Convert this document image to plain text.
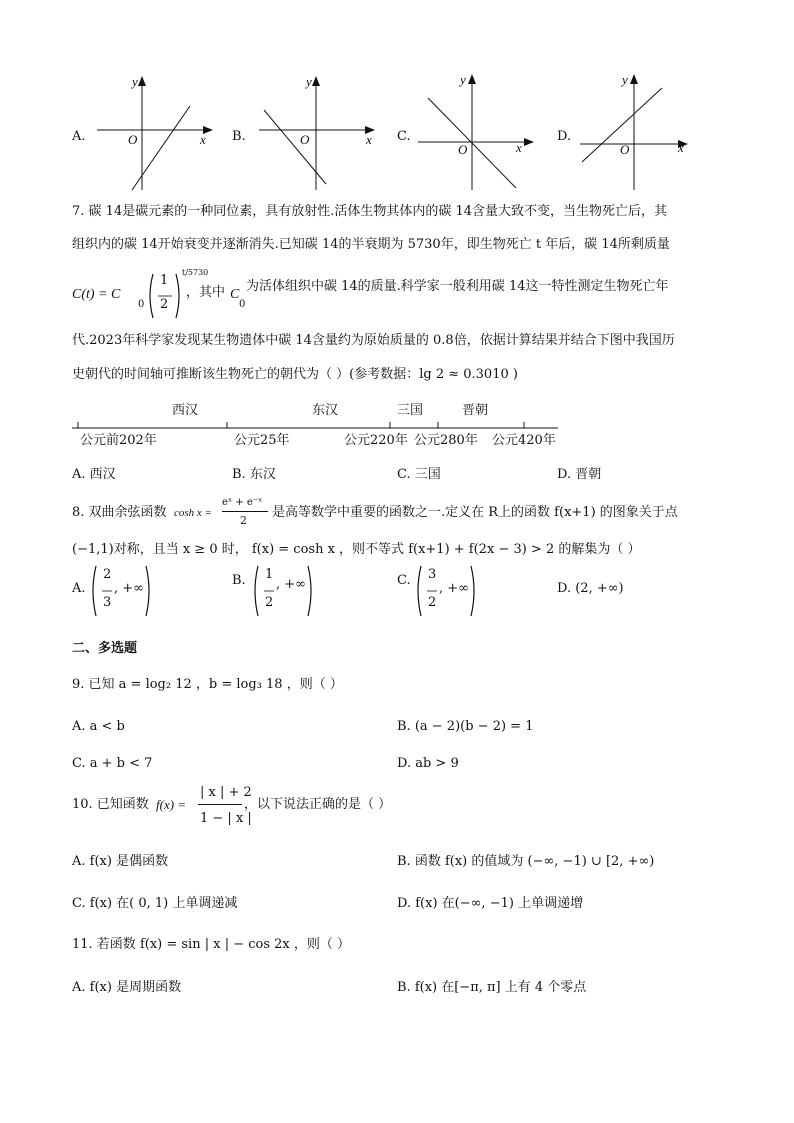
A.
y
x
O	B.
y
x
O	C.
y
x
O
D.
y
x
O
7. 碳 14是碳元素的一种同位素，具有放射性.活体生物其体内的碳 14含量大致不变，当生物死亡后，其
组织内的碳 14开始衰变并逐渐消失.已知碳 14的半衰期为 5730年，即生物死亡 t 年后，碳 14所剩质量
C(t) = C
0
1
2
t/5730
，其中 C
0
为活体组织中碳 14的质量.科学家一般利用碳 14这一特性测定生物死亡年
代.2023年科学家发现某生物遗体中碳 14含量约为原始质量的 0.8倍，依据计算结果并结合下图中我国历
史朝代的时间轴可推断该生物死亡的朝代为（ ）(参考数据：lg 2 ≈ 0.3010 )
西汉	东汉	三国	晋朝
公元前202年	公元25年	公元220年 公元280年 公元420年
A. 西汉	B. 东汉	C. 三国	D. 晋朝
8. 双曲余弦函数 cosh x =
eˣ + e⁻ˣ
2
是高等数学中重要的函数之一.定义在 R上的函数 f(x+1) 的图象关于点
(−1,1)对称，且当 x ≥ 0 时， f(x) = cosh x ，则不等式 f(x+1) + f(2x − 3) > 2 的解集为（ ）
A.
2
3
, +∞
B. 1
2
, +∞	C. 3
2
, +∞	D. (2, +∞)
二、多选题
9. 已知 a = log₂ 12 ，b = log₃ 18 ，则（ ）
A. a < b	B. (a − 2)(b − 2) = 1
C. a + b < 7	D. ab > 9
10. 已知函数 f(x) =
| x | + 2
1 − | x |
，以下说法正确的是（ ）
A. f(x) 是偶函数	B. 函数 f(x) 的值域为 (−∞, −1) ∪ [2, +∞)
C. f(x) 在( 0, 1) 上单调递减	D. f(x) 在(−∞, −1) 上单调递增
11. 若函数 f(x) = sin | x | − cos 2x ，则（ ）
A. f(x) 是周期函数	B. f(x) 在[−π, π] 上有 4 个零点
